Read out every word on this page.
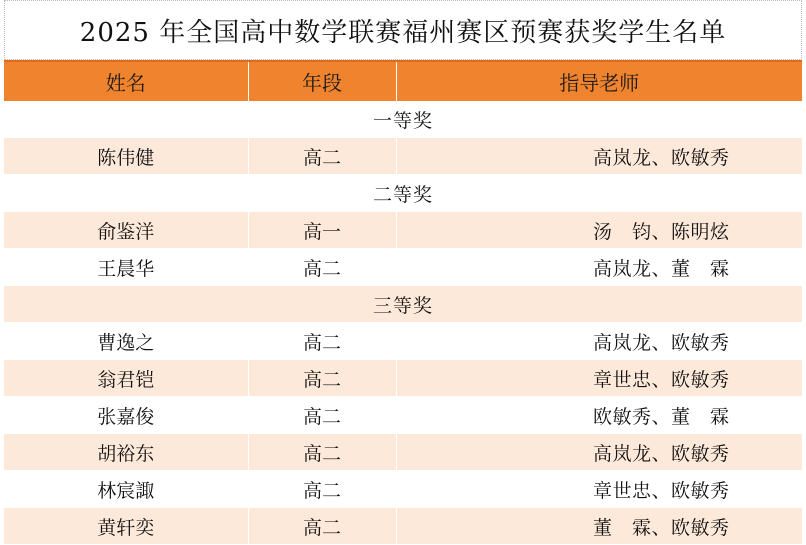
2025 年全国高中数学联赛福州赛区预赛获奖学生名单
姓名	年段	指导老师
一等奖		
陈伟健	高二	高岚龙、欧敏秀
二等奖		
俞鉴洋	高一	汤　钧、陈明炫
王晨华	高二	高岚龙、董　霖
三等奖		
曹逸之	高二	高岚龙、欧敏秀
翁君铠	高二	章世忠、欧敏秀
张嘉俊	高二	欧敏秀、董　霖
胡裕东	高二	高岚龙、欧敏秀
林宸諏	高二	章世忠、欧敏秀
黄轩奕	高二	董　霖、欧敏秀
